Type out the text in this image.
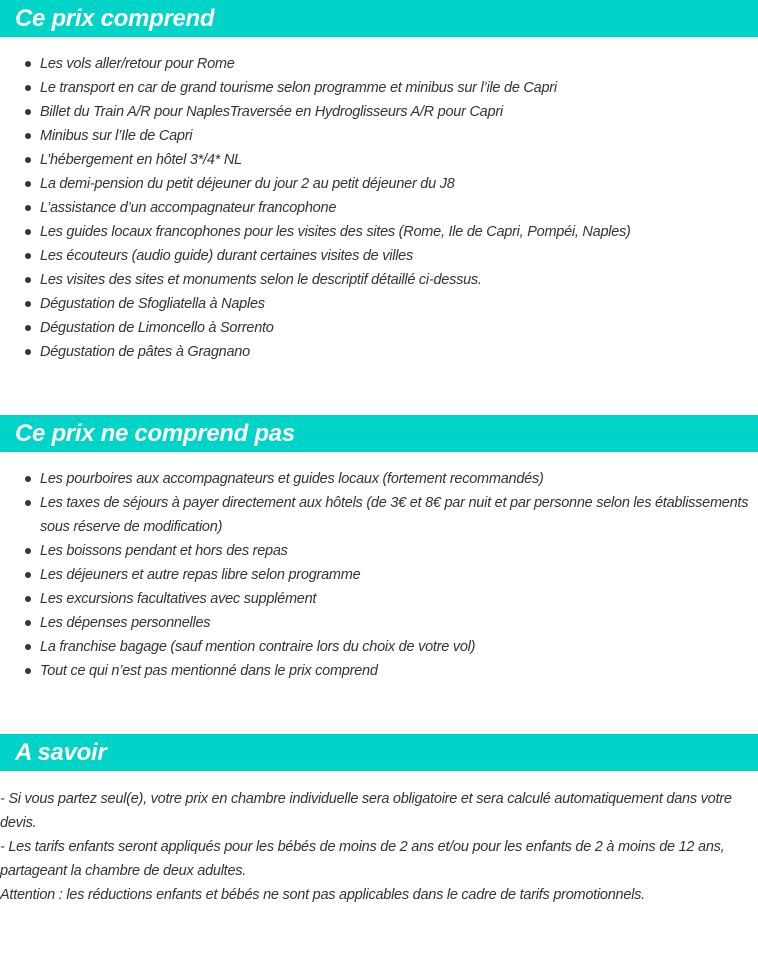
Ce prix comprend
Les vols aller/retour pour Rome
Le transport en car de grand tourisme selon programme et minibus sur l’ile de Capri
Billet du Train A/R pour NaplesTraversée en Hydroglisseurs A/R pour Capri
Minibus sur l’Ile de Capri
L’hébergement en hôtel 3*/4* NL
La demi-pension du petit déjeuner du jour 2 au petit déjeuner du J8
L’assistance d’un accompagnateur francophone
Les guides locaux francophones pour les visites des sites (Rome, Ile de Capri, Pompéi, Naples)
Les écouteurs (audio guide) durant certaines visites de villes
Les visites des sites et monuments selon le descriptif détaillé ci-dessus.
Dégustation de Sfogliatella à Naples
Dégustation de Limoncello à Sorrento
Dégustation de pâtes à Gragnano
Ce prix ne comprend pas
Les pourboires aux accompagnateurs et guides locaux (fortement recommandés)
Les taxes de séjours à payer directement aux hôtels (de 3€ et 8€ par nuit et par personne selon les établissements sous réserve de modification)
Les boissons pendant et hors des repas
Les déjeuners et autre repas libre selon programme
Les excursions facultatives avec supplément
Les dépenses personnelles
La franchise bagage (sauf mention contraire lors du choix de votre vol)
Tout ce qui n’est pas mentionné dans le prix comprend
A savoir

- Si vous partez seul(e), votre prix en chambre individuelle sera obligatoire et sera calculé automatiquement dans votre devis.

- Les tarifs enfants seront appliqués pour les bébés de moins de 2 ans et/ou pour les enfants de 2 à moins de 12 ans, partageant la chambre de deux adultes.

Attention : les réductions enfants et bébés ne sont pas applicables dans le cadre de tarifs promotionnels.
